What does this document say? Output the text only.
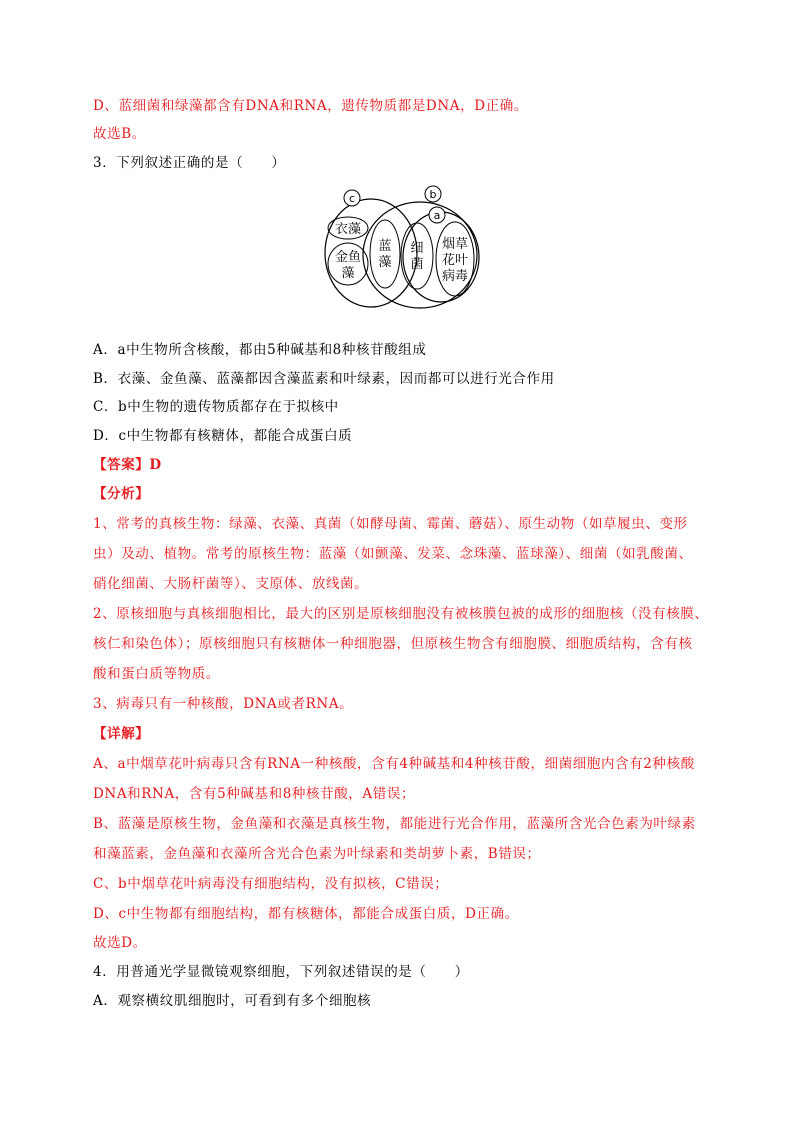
D、蓝细菌和绿藻都含有DNA和RNA，遗传物质都是DNA，D正确。
故选B。
3．下列叙述正确的是（　　）
c	b
a
衣藻
金鱼
藻
蓝
藻
细
菌
烟草
花叶
病毒
A．a中生物所含核酸，都由5种碱基和8种核苷酸组成
B．衣藻、金鱼藻、蓝藻都因含藻蓝素和叶绿素，因而都可以进行光合作用
C．b中生物的遗传物质都存在于拟核中
D．c中生物都有核糖体，都能合成蛋白质
【答案】D
【分析】
1、常考的真核生物：绿藻、衣藻、真菌（如酵母菌、霉菌、蘑菇）、原生动物（如草履虫、变形
虫）及动、植物。常考的原核生物：蓝藻（如颤藻、发菜、念珠藻、蓝球藻）、细菌（如乳酸菌、
硝化细菌、大肠杆菌等）、支原体、放线菌。
2、原核细胞与真核细胞相比，最大的区别是原核细胞没有被核膜包被的成形的细胞核（没有核膜、
核仁和染色体）；原核细胞只有核糖体一种细胞器，但原核生物含有细胞膜、细胞质结构，含有核
酸和蛋白质等物质。
3、病毒只有一种核酸，DNA或者RNA。
【详解】
A、a中烟草花叶病毒只含有RNA一种核酸，含有4种碱基和4种核苷酸，细菌细胞内含有2种核酸
DNA和RNA，含有5种碱基和8种核苷酸，A错误；
B、蓝藻是原核生物，金鱼藻和衣藻是真核生物，都能进行光合作用，蓝藻所含光合色素为叶绿素
和藻蓝素，金鱼藻和衣藻所含光合色素为叶绿素和类胡萝卜素，B错误；
C、b中烟草花叶病毒没有细胞结构，没有拟核，C错误；
D、c中生物都有细胞结构，都有核糖体，都能合成蛋白质，D正确。
故选D。
4．用普通光学显微镜观察细胞，下列叙述错误的是（　　）
A．观察横纹肌细胞时，可看到有多个细胞核
